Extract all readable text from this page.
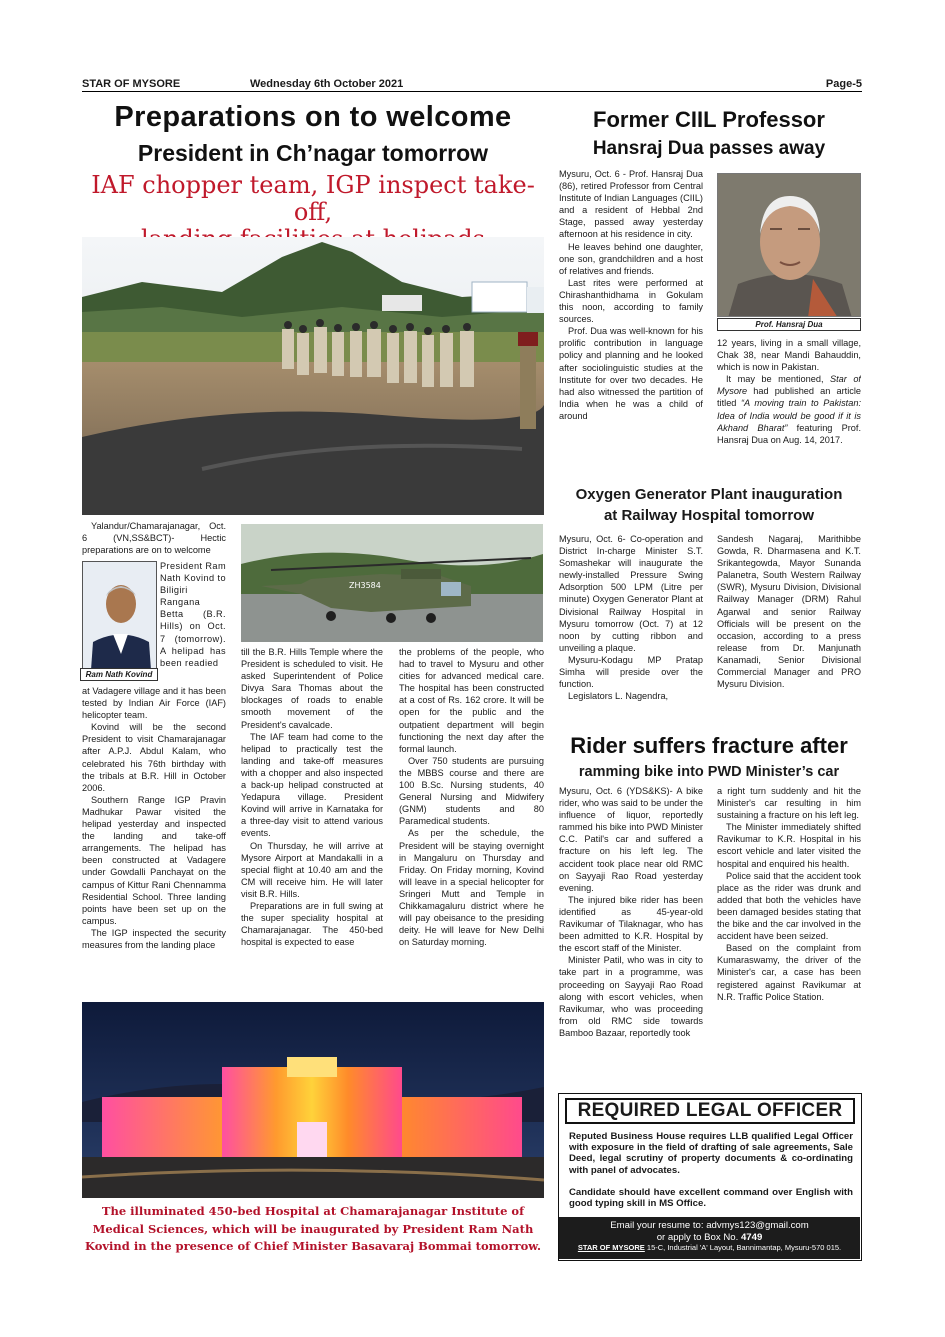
STAR OF MYSORE	Wednesday 6th October 2021	Page-5
Preparations on to welcome
President in Ch’nagar tomorrow
IAF chopper team, IGP inspect take-off,

Yalandur/Chamarajanagar, Oct. 6 (VN,SS&BCT)- Hectic preparations are on to welcome

Ram Nath Kovind

President Ram Nath Kovind to Biligiri Rangana Betta (B.R. Hills) on Oct. 7 (tomorrow). A helipad has been readied

at Vadagere village and it has been tested by Indian Air Force (IAF) helicopter team.

Kovind will be the second President to visit Chamarajanagar after A.P.J. Abdul Kalam, who celebrated his 76th birthday with the tribals at B.R. Hill in October 2006.

Southern Range IGP Pravin Madhukar Pawar visited the helipad yesterday and inspected the landing and take-off arrangements. The helipad has been constructed at Vadagere under Gowdalli Panchayat on the campus of Kittur Rani Chennamma Residential School. Three landing points have been set up on the campus.

The IGP inspected the security measures from the landing place

ZH3584

till the B.R. Hills Temple where the President is scheduled to visit. He asked Superintendent of Police Divya Sara Thomas about the blockages of roads to enable smooth movement of the President's cavalcade.

The IAF team had come to the helipad to practically test the landing and take-off measures with a chopper and also inspected a back-up helipad constructed at Yedapura village. President Kovind will arrive in Karnataka for a three-day visit to attend various events.

On Thursday, he will arrive at Mysore Airport at Mandakalli in a special flight at 10.40 am and the CM will receive him. He will later visit B.R. Hills.

Preparations are in full swing at the super speciality hospital at Chamarajanagar. The 450-bed hospital is expected to ease

the problems of the people, who had to travel to Mysuru and other cities for advanced medical care. The hospital has been constructed at a cost of Rs. 162 crore. It will be open for the public and the outpatient department will begin functioning the next day after the formal launch.

Over 750 students are pursuing the MBBS course and there are 100 B.Sc. Nursing students, 40 General Nursing and Midwifery (GNM) students and 80 Paramedical students.

As per the schedule, the President will be staying overnight in Mangaluru on Thursday and Friday. On Friday morning, Kovind will leave in a special helicopter for Sringeri Mutt and Temple in Chikkamagaluru district where he will pay obeisance to the presiding deity. He will leave for New Delhi on Saturday morning.

The illuminated 450-bed Hospital at Chamarajanagar Institute of Medical Sciences, which will be inaugurated by President Ram Nath Kovind in the presence of Chief Minister Basavaraj Bommai tomorrow.
Former CIIL Professor
Hansraj Dua passes away

Mysuru, Oct. 6 - Prof. Hansraj Dua (86), retired Professor from Central Institute of Indian Languages (CIIL) and a resident of Hebbal 2nd Stage, passed away yesterday afternoon at his residence in city.

He leaves behind one daughter, one son, grandchildren and a host of relatives and friends.

Last rites were performed at Chirashanthidhama in Gokulam this noon, according to family sources.

Prof. Dua was well-known for his prolific contribution in language policy and planning and he looked after sociolinguistic studies at the Institute for over two decades. He had also witnessed the partition of India when he was a child of around

Prof. Hansraj Dua

12 years, living in a small village, Chak 38, near Mandi Bahauddin, which is now in Pakistan.

It may be mentioned, Star of Mysore had published an article titled “A moving train to Pakistan: Idea of India would be good if it is Akhand Bharat” featuring Prof. Hansraj Dua on Aug. 14, 2017.

Oxygen Generator Plant inauguration
at Railway Hospital tomorrow

Mysuru, Oct. 6- Co-operation and District In-charge Minister S.T. Somashekar will inaugurate the newly-installed Pressure Swing Adsorption 500 LPM (Litre per minute) Oxygen Generator Plant at Divisional Railway Hospital in Mysuru tomorrow (Oct. 7) at 12 noon by cutting ribbon and unveiling a plaque.

Mysuru-Kodagu MP Pratap Simha will preside over the function.

Legislators L. Nagendra,

Sandesh Nagaraj, Marithibbe Gowda, R. Dharmasena and K.T. Srikantegowda, Mayor Sunanda Palanetra, South Western Railway (SWR), Mysuru Division, Divisional Railway Manager (DRM) Rahul Agarwal and senior Railway Officials will be present on the occasion, according to a press release from Dr. Manjunath Kanamadi, Senior Divisional Commercial Manager and PRO Mysuru Division.

Rider suffers fracture after
ramming bike into PWD Minister’s car

Mysuru, Oct. 6 (YDS&KS)- A bike rider, who was said to be under the influence of liquor, reportedly rammed his bike into PWD Minister C.C. Patil's car and suffered a fracture on his left leg. The accident took place near old RMC on Sayyaji Rao Road yesterday evening.

The injured bike rider has been identified as 45-year-old Ravikumar of Tilaknagar, who has been admitted to K.R. Hospital by the escort staff of the Minister.

Minister Patil, who was in city to take part in a programme, was proceeding on Sayyaji Rao Road along with escort vehicles, when Ravikumar, who was proceeding from old RMC side towards Bamboo Bazaar, reportedly took

a right turn suddenly and hit the Minister's car resulting in him sustaining a fracture on his left leg.

The Minister immediately shifted Ravikumar to K.R. Hospital in his escort vehicle and later visited the hospital and enquired his health.

Police said that the accident took place as the rider was drunk and added that both the vehicles have been damaged besides stating that the bike and the car involved in the accident have been seized.

Based on the complaint from Kumaraswamy, the driver of the Minister's car, a case has been registered against Ravikumar at N.R. Traffic Police Station.

REQUIRED LEGAL OFFICER
Reputed Business House requires LLB qualified Legal Officer with exposure in the field of drafting of sale agreements, Sale Deed, legal scrutiny of property documents & co-ordinating with panel of advocates.
Candidate should have excellent command over English with good typing skill in MS Office.
Email your resume to: advmys123@gmail.com
or apply to Box No. 4749
STAR OF MYSORE 15-C, Industrial 'A' Layout, Bannimantap, Mysuru-570 015.
